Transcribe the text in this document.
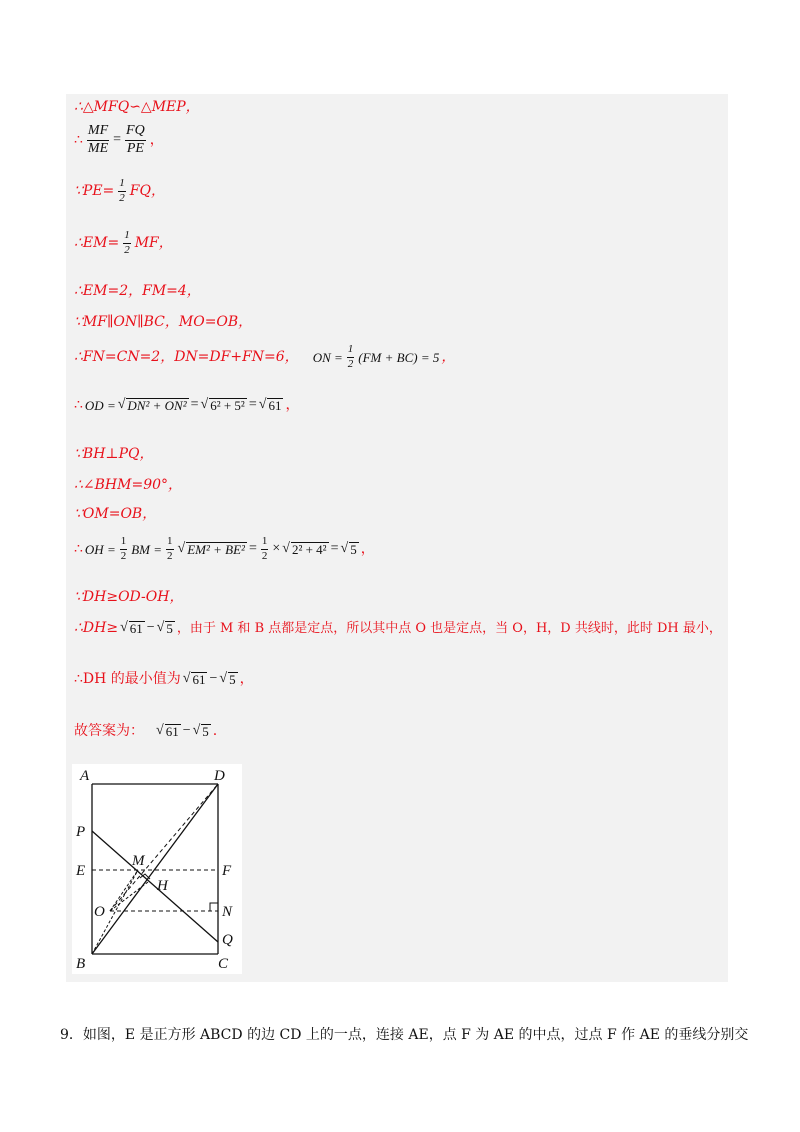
∴△MFQ∽△MEP，
∴ $\frac{MF}{ME} = \frac{FQ}{PE}$ ，
∵PE= $\frac{1}{2}$ FQ，
∴EM= $\frac{1}{2}$ MF，
∴EM=2，FM=4，
∵MF∥ON∥BC，MO=OB，
∴FN=CN=2，DN=DF+FN=6， ON = $\frac{1}{2} (FM + BC) = 5$ ，
∴ OD = √ DN² + ON² = √ 6² + 5² = √ 61 ，
∵BH⊥PQ，
∴∠BHM=90°，
∵OM=OB，
∴ OH = $\frac{1}{2}$ BM = $\frac{1}{2}$ √ $EM^2 + BE^2 = \frac{1}{2}$ × √ 2² + 4² = √ 5 ，
∵DH≥OD-OH，
∴DH≥ √ 61 − √ 5 ，由于 M 和 B 点都是定点，所以其中点 O 也是定点，当 O，H，D 共线时，此时 DH 最小，
∴DH 的最小值为 √ 61 − √ 5 ，
故答案为： √ 61 − √ 5 .
A	D
P
E	F
M
H
O	N
Q
B	C
9．如图，E 是正方形 ABCD 的边 CD 上的一点，连接 AE，点 F 为 AE 的中点，过点 F 作 AE 的垂线分别交
